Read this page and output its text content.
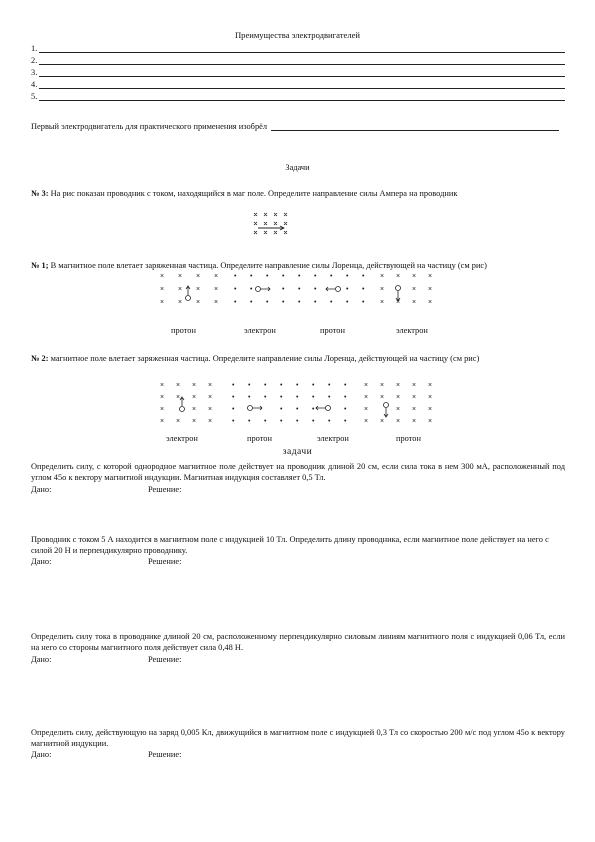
Преимущества электродвигателей
1.
2.
3.
4.
5.
Первый электродвигатель для практического применения изобрёл
Задачи
№ 3: На рис показан проводник с током, находящийся в маг поле. Определите направление силы Ампера на проводник
№ 1; В магнитное поле влетает заряженная частица. Определите направление силы Лоренца, действующей на частицу (см рис)
× × × ×
× × × ×
× × × ×
• • • • •
• •	• •
• • • • •
• • • •
•	• •
• • • •
× × × ×
×	× ×
× × × ×
протон	электрон	протон	электрон
№ 2: магнитное поле влетает заряженная частица. Определите направление силы Лоренца, действующей на частицу (см рис)
× × × ×
× × × ×
×	× ×
× × × ×
• • • • •
• • • • •
•	• •
• • • • •
• • •
• • •
•	•
• • •
× × × × ×
× × × × ×
×	× × ×
× × × × ×
электрон	протон	электрон	протон
задачи
Определить силу, с которой однородное магнитное поле действует на проводник длиной 20 см, если сила тока в нем 300 мА, расположенный под углом 45о к вектору магнитной индукции. Магнитная индукция составляет 0,5 Тл.
Дано:	Решение:
Проводник с током 5 А находится в магнитном поле с индукцией 10 Тл. Определить длину проводника, если магнитное поле действует на него с силой 20 Н и перпендикулярно проводнику.
Дано:	Решение:
Определить силу тока в проводнике длиной 20 см, расположенному перпендикулярно силовым линиям магнитного поля с индукцией 0,06 Тл, если на него со стороны магнитного поля действует сила 0,48 Н.
Дано:	Решение:
Определить силу, действующую на заряд 0,005 Кл, движущийся в магнитном поле с индукцией 0,3 Тл со скоростью 200 м/с под углом 45о к вектору магнитной индукции.
Дано:	Решение:
